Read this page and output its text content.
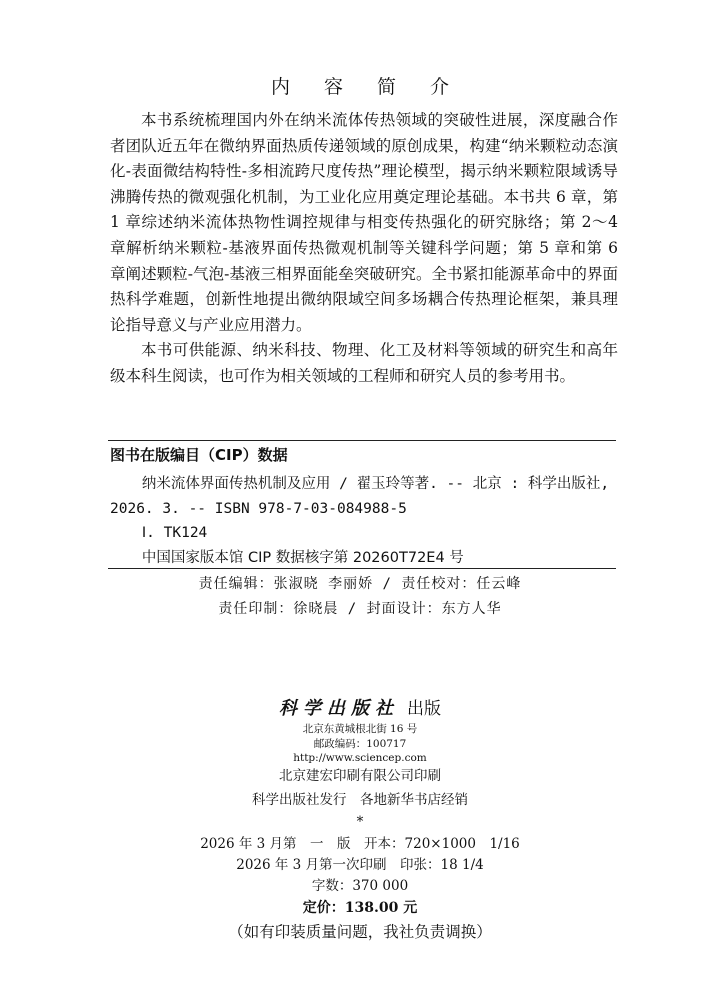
内 容 简 介

本书系统梳理国内外在纳米流体传热领域的突破性进展，深度融合作者团队近五年在微纳界面热质传递领域的原创成果，构建“纳米颗粒动态演化-表面微结构特性-多相流跨尺度传热”理论模型，揭示纳米颗粒限域诱导沸腾传热的微观强化机制，为工业化应用奠定理论基础。本书共 6 章，第 1 章综述纳米流体热物性调控规律与相变传热强化的研究脉络；第 2～4 章解析纳米颗粒-基液界面传热微观机制等关键科学问题；第 5 章和第 6 章阐述颗粒-气泡-基液三相界面能垒突破研究。全书紧扣能源革命中的界面热科学难题，创新性地提出微纳限域空间多场耦合传热理论框架，兼具理论指导意义与产业应用潜力。

本书可供能源、纳米科技、物理、化工及材料等领域的研究生和高年级本科生阅读，也可作为相关领域的工程师和研究人员的参考用书。

图书在版编目（CIP）数据

纳米流体界面传热机制及应用 / 翟玉玲等著. -- 北京 : 科学出版社, 2026. 3. -- ISBN 978-7-03-084988-5

Ⅰ. TK124

中国国家版本馆 CIP 数据核字第 20260T72E4 号

责任编辑：张淑晓 李丽娇 / 责任校对：任云峰
责任印制：徐晓晨 / 封面设计：东方人华
科学出版社 出版
北京东黄城根北街 16 号
邮政编码：100717
http://www.sciencep.com
北京建宏印刷有限公司印刷
科学出版社发行　各地新华书店经销
*
2026 年 3 月第　一　版　开本：720×1000　1/16
2026 年 3 月第一次印刷　印张：18 1/4
字数：370 000
定价：138.00 元
（如有印装质量问题，我社负责调换）
